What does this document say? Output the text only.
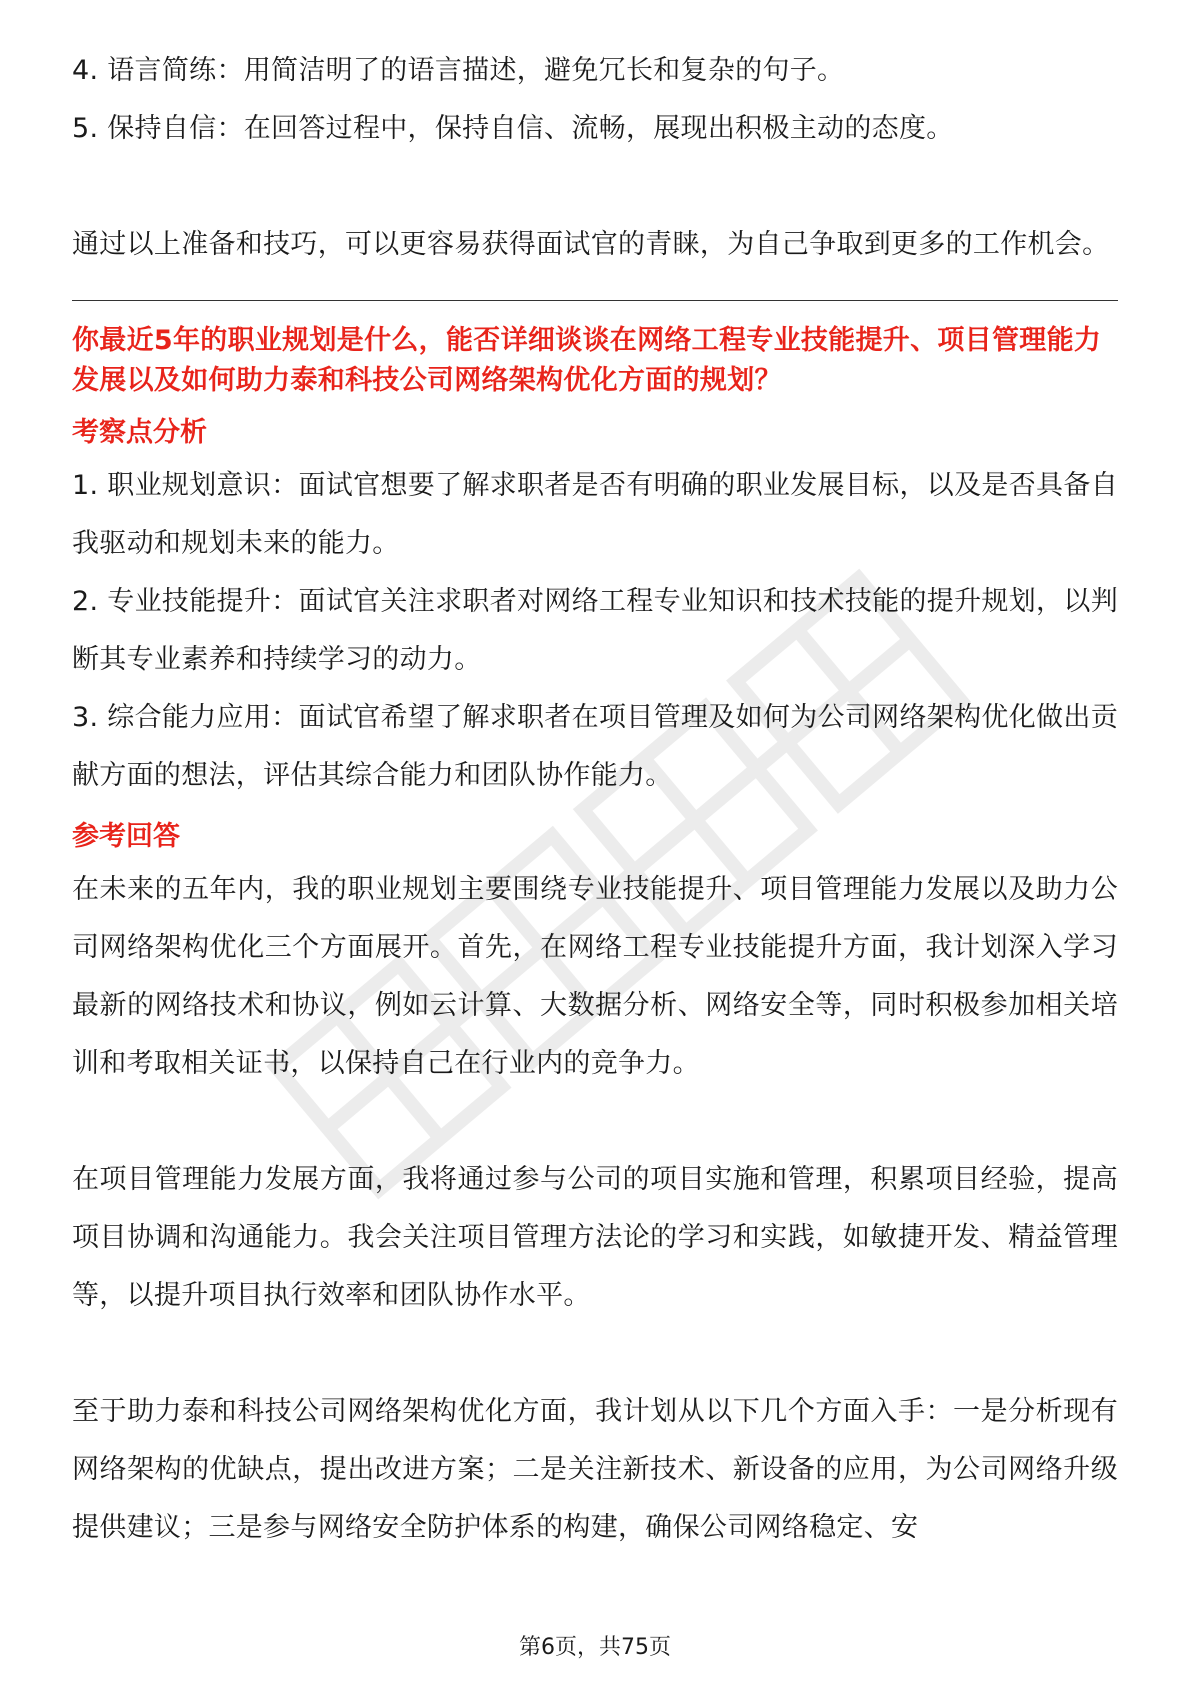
4. 语言简练：用简洁明了的语言描述，避免冗长和复杂的句子。

5. 保持自信：在回答过程中，保持自信、流畅，展现出积极主动的态度。

通过以上准备和技巧，可以更容易获得面试官的青睐，为自己争取到更多的工作机会。

你最近5年的职业规划是什么，能否详细谈谈在网络工程专业技能提升、项目管理能力发展以及如何助力泰和科技公司网络架构优化方面的规划？

考察点分析

1. 职业规划意识：面试官想要了解求职者是否有明确的职业发展目标，以及是否具备自我驱动和规划未来的能力。

2. 专业技能提升：面试官关注求职者对网络工程专业知识和技术技能的提升规划，以判断其专业素养和持续学习的动力。

3. 综合能力应用：面试官希望了解求职者在项目管理及如何为公司网络架构优化做出贡献方面的想法，评估其综合能力和团队协作能力。

参考回答

在未来的五年内，我的职业规划主要围绕专业技能提升、项目管理能力发展以及助力公司网络架构优化三个方面展开。首先，在网络工程专业技能提升方面，我计划深入学习最新的网络技术和协议，例如云计算、大数据分析、网络安全等，同时积极参加相关培训和考取相关证书，以保持自己在行业内的竞争力。

在项目管理能力发展方面，我将通过参与公司的项目实施和管理，积累项目经验，提高项目协调和沟通能力。我会关注项目管理方法论的学习和实践，如敏捷开发、精益管理等，以提升项目执行效率和团队协作水平。

至于助力泰和科技公司网络架构优化方面，我计划从以下几个方面入手：一是分析现有网络架构的优缺点，提出改进方案；二是关注新技术、新设备的应用，为公司网络升级提供建议；三是参与网络安全防护体系的构建，确保公司网络稳定、安

第6页，共75页
